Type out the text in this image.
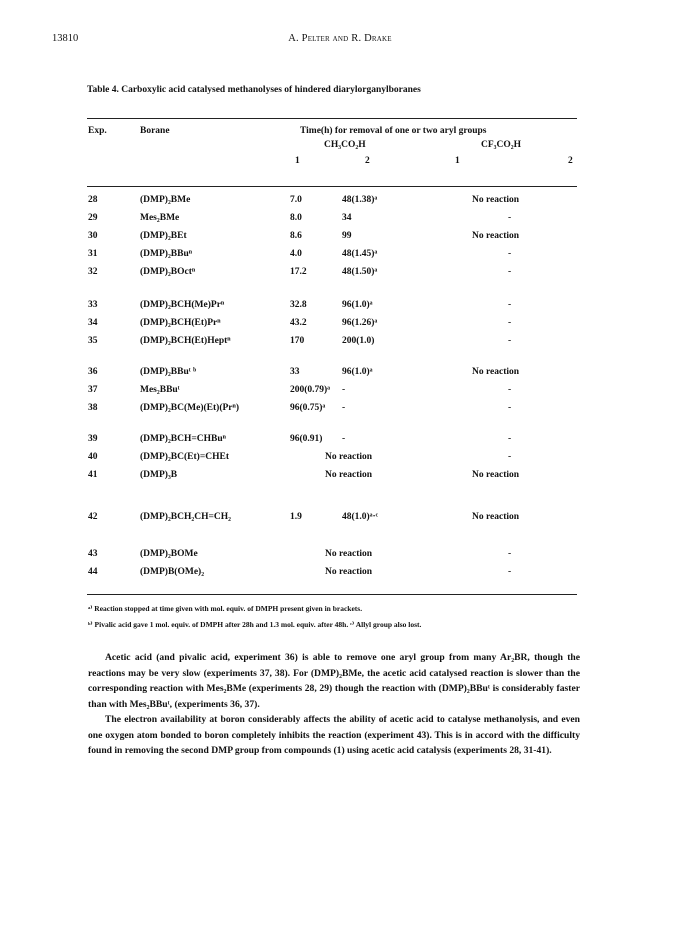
13810	A. Pelter and R. Drake
Table 4. Carboxylic acid catalysed methanolyses of hindered diarylorganylboranes
Exp.	Borane	Time(h) for removal of one or two aryl groups
CH₃CO₂H	CF₃CO₂H
1	2	1	2
28	(DMP)₂BMe	7.0	48(1.38)ᵃ	No reaction
29	Mes₂BMe	8.0	34	-
30	(DMP)₂BEt	8.6	99	No reaction
31	(DMP)₂BBuⁿ	4.0	48(1.45)ᵃ	-
32	(DMP)₂BOctⁿ	17.2	48(1.50)ᵃ	-
33	(DMP)₂BCH(Me)Prⁿ	32.8	96(1.0)ᵃ	-
34	(DMP)₂BCH(Et)Prⁿ	43.2	96(1.26)ᵃ	-
35	(DMP)₂BCH(Et)Heptⁿ	170	200(1.0)	-
36	(DMP)₂BBuᵗ ᵇ	33	96(1.0)ᵃ	No reaction
37	Mes₂BBuᵗ	200(0.79)ᵃ -	-
38	(DMP)₂BC(Me)(Et)(Prⁿ)	96(0.75)ᵃ -	-
39	(DMP)₂BCH=CHBuⁿ	96(0.91) -	-
40	(DMP)₂BC(Et)=CHEt	No reaction	-
41	(DMP)₃B	No reaction	No reaction
42	(DMP)₂BCH₂CH=CH₂	1.9	48(1.0)ᵃ·ᶜ	No reaction
43	(DMP)₂BOMe	No reaction	-
44	(DMP)B(OMe)₂	No reaction	-
ᵃ⁾ Reaction stopped at time given with mol. equiv. of DMPH present given in brackets.
ᵇ⁾ Pivalic acid gave 1 mol. equiv. of DMPH after 28h and 1.3 mol. equiv. after 48h. ᶜ⁾ Allyl group also lost.

Acetic acid (and pivalic acid, experiment 36) is able to remove one aryl group from many Ar₂BR, though the reactions may be very slow (experiments 37, 38). For (DMP)₂BMe, the acetic acid catalysed reaction is slower than the corresponding reaction with Mes₂BMe (experiments 28, 29) though the reaction with (DMP)₂BBuᵗ is considerably faster than with Mes₂BBuᵗ, (experiments 36, 37).

The electron availability at boron considerably affects the ability of acetic acid to catalyse methanolysis, and even one oxygen atom bonded to boron completely inhibits the reaction (experiment 43). This is in accord with the difficulty found in removing the second DMP group from compounds (1) using acetic acid catalysis (experiments 28, 31-41).
